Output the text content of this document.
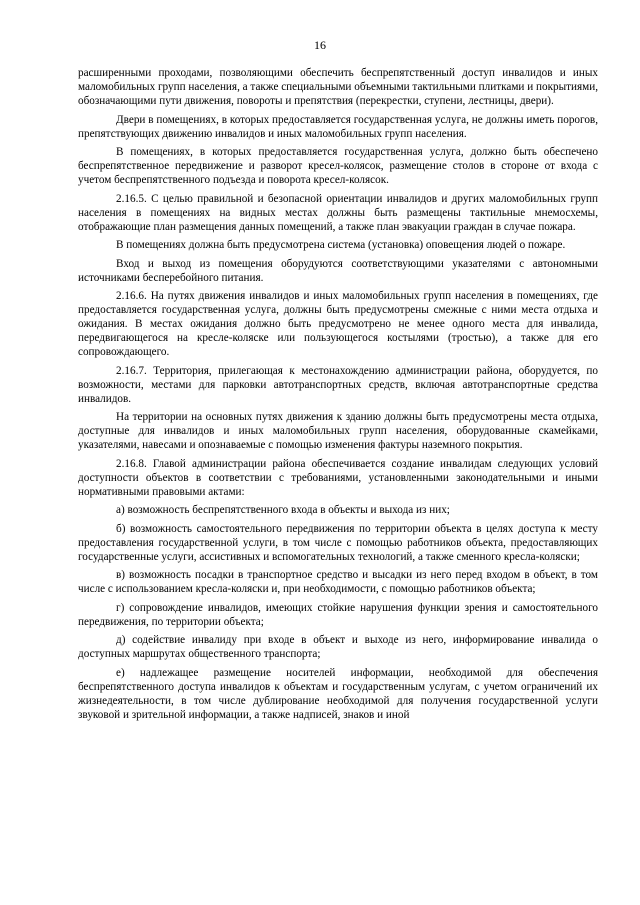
16

расширенными проходами, позволяющими обеспечить беспрепятственный доступ инвалидов и иных маломобильных групп населения, а также специальными объемными тактильными плитками и покрытиями, обозначающими пути движения, повороты и препятствия (перекрестки, ступени, лестницы, двери).

Двери в помещениях, в которых предоставляется государственная услуга, не должны иметь порогов, препятствующих движению инвалидов и иных маломобильных групп населения.

В помещениях, в которых предоставляется государственная услуга, должно быть обеспечено беспрепятственное передвижение и разворот кресел-колясок, размещение столов в стороне от входа с учетом беспрепятственного подъезда и поворота кресел-колясок.

2.16.5. С целью правильной и безопасной ориентации инвалидов и других маломобильных групп населения в помещениях на видных местах должны быть размещены тактильные мнемосхемы, отображающие план размещения данных помещений, а также план эвакуации граждан в случае пожара.

В помещениях должна быть предусмотрена система (установка) оповещения людей о пожаре.

Вход и выход из помещения оборудуются соответствующими указателями с автономными источниками бесперебойного питания.

2.16.6. На путях движения инвалидов и иных маломобильных групп населения в помещениях, где предоставляется государственная услуга, должны быть предусмотрены смежные с ними места отдыха и ожидания. В местах ожидания должно быть предусмотрено не менее одного места для инвалида, передвигающегося на кресле-коляске или пользующегося костылями (тростью), а также для его сопровождающего.

2.16.7. Территория, прилегающая к местонахождению администрации района, оборудуется, по возможности, местами для парковки автотранспортных средств, включая автотранспортные средства инвалидов.

На территории на основных путях движения к зданию должны быть предусмотрены места отдыха, доступные для инвалидов и иных маломобильных групп населения, оборудованные скамейками, указателями, навесами и опознаваемые с помощью изменения фактуры наземного покрытия.

2.16.8. Главой администрации района обеспечивается создание инвалидам следующих условий доступности объектов в соответствии с требованиями, установленными законодательными и иными нормативными правовыми актами:

а) возможность беспрепятственного входа в объекты и выхода из них;

б) возможность самостоятельного передвижения по территории объекта в целях доступа к месту предоставления государственной услуги, в том числе с помощью работников объекта, предоставляющих государственные услуги, ассистивных и вспомогательных технологий, а также сменного кресла-коляски;

в) возможность посадки в транспортное средство и высадки из него перед входом в объект, в том числе с использованием кресла-коляски и, при необходимости, с помощью работников объекта;

г) сопровождение инвалидов, имеющих стойкие нарушения функции зрения и самостоятельного передвижения, по территории объекта;

д) содействие инвалиду при входе в объект и выходе из него, информирование инвалида о доступных маршрутах общественного транспорта;

е) надлежащее размещение носителей информации, необходимой для обеспечения беспрепятственного доступа инвалидов к объектам и государственным услугам, с учетом ограничений их жизнедеятельности, в том числе дублирование необходимой для получения государственной услуги звуковой и зрительной информации, а также надписей, знаков и иной
